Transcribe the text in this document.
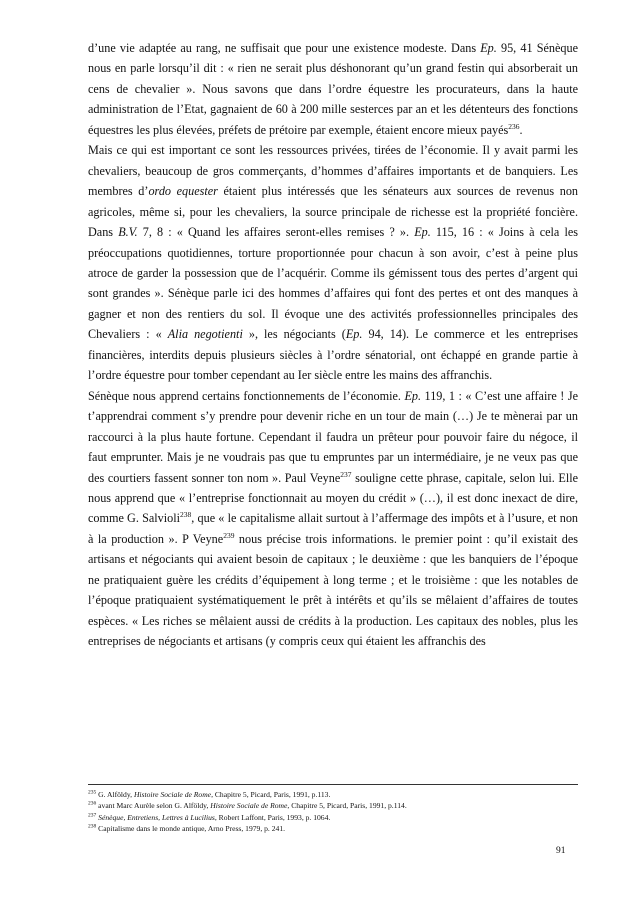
d’une vie adaptée au rang, ne suffisait que pour une existence modeste. Dans Ep. 95, 41 Sénèque nous en parle lorsqu’il dit : « rien ne serait plus déshonorant qu’un grand festin qui absorberait un cens de chevalier ». Nous savons que dans l’ordre équestre les procurateurs, dans la haute administration de l’Etat, gagnaient de 60 à 200 mille sesterces par an et les détenteurs des fonctions équestres les plus élevées, préfets de prétoire par exemple, étaient encore mieux payés$^{236}$.

Mais ce qui est important ce sont les ressources privées, tirées de l’économie. Il y avait parmi les chevaliers, beaucoup de gros commerçants, d’hommes d’affaires importants et de banquiers. Les membres d’ordo equester étaient plus intéressés que les sénateurs aux sources de revenus non agricoles, même si, pour les chevaliers, la source principale de richesse est la propriété foncière. Dans B.V. 7, 8 : « Quand les affaires seront-elles remises ? ». Ep. 115, 16 : « Joins à cela les préoccupations quotidiennes, torture proportionnée pour chacun à son avoir, c’est à peine plus atroce de garder la possession que de l’acquérir. Comme ils gémissent tous des pertes d’argent qui sont grandes ». Sénèque parle ici des hommes d’affaires qui font des pertes et ont des manques à gagner et non des rentiers du sol. Il évoque une des activités professionnelles principales des Chevaliers : « Alia negotienti », les négociants (Ep. 94, 14). Le commerce et les entreprises financières, interdits depuis plusieurs siècles à l’ordre sénatorial, ont échappé en grande partie à l’ordre équestre pour tomber cependant au Ier siècle entre les mains des affranchis.

Sénèque nous apprend certains fonctionnements de l’économie. Ep. 119, 1 : « C’est une affaire ! Je t’apprendrai comment s’y prendre pour devenir riche en un tour de main (…) Je te mènerai par un raccourci à la plus haute fortune. Cependant il faudra un prêteur pour pouvoir faire du négoce, il faut emprunter. Mais je ne voudrais pas que tu empruntes par un intermédiaire, je ne veux pas que des courtiers fassent sonner ton nom ». Paul Veyne$^{237}$ souligne cette phrase, capitale, selon lui. Elle nous apprend que « l’entreprise fonctionnait au moyen du crédit » (…), il est donc inexact de dire, comme G. Salvioli$^{238}$, que « le capitalisme allait surtout à l’affermage des impôts et à l’usure, et non à la production ». P Veyne$^{239}$ nous précise trois informations. le premier point : qu’il existait des artisans et négociants qui avaient besoin de capitaux ; le deuxième : que les banquiers de l’époque ne pratiquaient guère les crédits d’équipement à long terme ; et le troisième : que les notables de l’époque pratiquaient systématiquement le prêt à intérêts et qu’ils se mêlaient d’affaires de toutes espèces. « Les riches se mêlaient aussi de crédits à la production. Les capitaux des nobles, plus les entreprises de négociants et artisans (y compris ceux qui étaient les affranchis des

$^{235}$ G. Alföldy, Histoire Sociale de Rome, Chapitre 5, Picard, Paris, 1991, p.113.
$^{236}$ avant Marc Aurèle selon G. Alföldy, Histoire Sociale de Rome, Chapitre 5, Picard, Paris, 1991, p.114.
$^{237}$ Sénèque, Entretiens, Lettres à Lucilius, Robert Laffont, Paris, 1993, p. 1064.
$^{238}$ Capitalisme dans le monde antique, Arno Press, 1979, p. 241.
91
